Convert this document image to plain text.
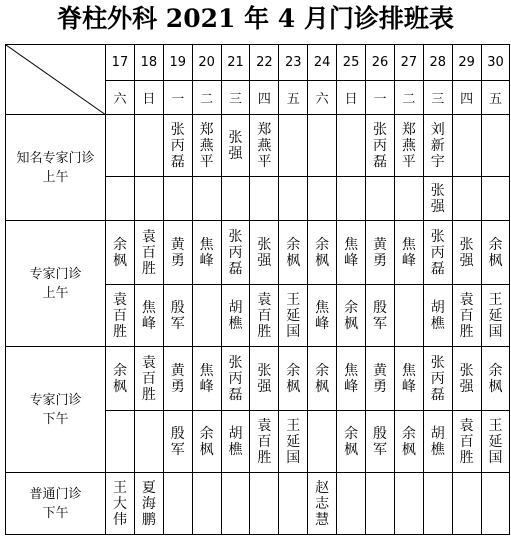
脊柱外科 2021 年 4 月门诊排班表
	17	18	19	20	21	22	23	24	25	26	27	28	29	30
	六	日	一	二	三	四	五	六	日	一	二	三	四	五

知名专家门诊
上午			张丙磊	郑燕平	张强	郑燕平				张丙磊	郑燕平	刘新宇		
												张强		

专家门诊
上午	余枫	袁百胜	黄勇	焦峰	张丙磊	张强	余枫	余枫	焦峰	黄勇	焦峰	张丙磊	张强	余枫
	袁百胜	焦峰	殷军		胡樵	袁百胜	王延国	焦峰	余枫	殷军		胡樵	袁百胜	王延国

专家门诊
下午	余枫	袁百胜	黄勇	焦峰	张丙磊	张强	余枫	余枫	焦峰	黄勇	焦峰	张丙磊	张强	余枫
			殷军	余枫	胡樵	袁百胜	王延国		余枫	殷军	余枫	胡樵	袁百胜	王延国

普通门诊
下午	王大伟	夏海鹏						赵志慧						
